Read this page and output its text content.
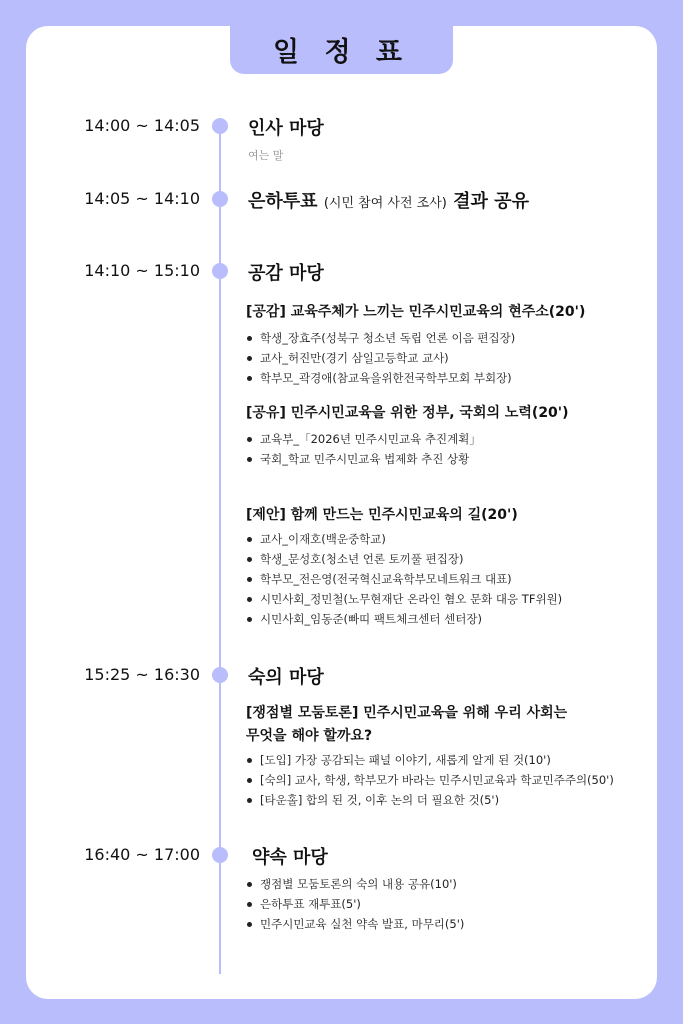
일 정 표
14:00 ~ 14:05	인사 마당
여는 말
14:05 ~ 14:10	은하투표 (시민 참여 사전 조사) 결과 공유
14:10 ~ 15:10	공감 마당
[공감] 교육주체가 느끼는 민주시민교육의 현주소(20')
학생_장효주(성북구 청소년 독립 언론 이음 편집장)
교사_허진만(경기 삼일고등학교 교사)
학부모_곽경애(참교육을위한전국학부모회 부회장)
[공유] 민주시민교육을 위한 정부, 국회의 노력(20')
교육부_「2026년 민주시민교육 추진계획」
국회_학교 민주시민교육 법제화 추진 상황
[제안] 함께 만드는 민주시민교육의 길(20')
교사_이재호(백운중학교)
학생_문성호(청소년 언론 토끼풀 편집장)
학부모_전은영(전국혁신교육학부모네트워크 대표)
시민사회_정민철(노무현재단 온라인 혐오 문화 대응 TF위원)
시민사회_임동준(빠띠 팩트체크센터 센터장)
15:25 ~ 16:30	숙의 마당
[쟁점별 모둠토론] 민주시민교육을 위해 우리 사회는
무엇을 해야 할까요?
[도입] 가장 공감되는 패널 이야기, 새롭게 알게 된 것(10')
[숙의] 교사, 학생, 학부모가 바라는 민주시민교육과 학교민주주의(50')
[타운홀] 합의 된 것, 이후 논의 더 필요한 것(5')
16:40 ~ 17:00	약속 마당
쟁점별 모둠토론의 숙의 내용 공유(10')
은하투표 재투표(5')
민주시민교육 실천 약속 발표, 마무리(5')
